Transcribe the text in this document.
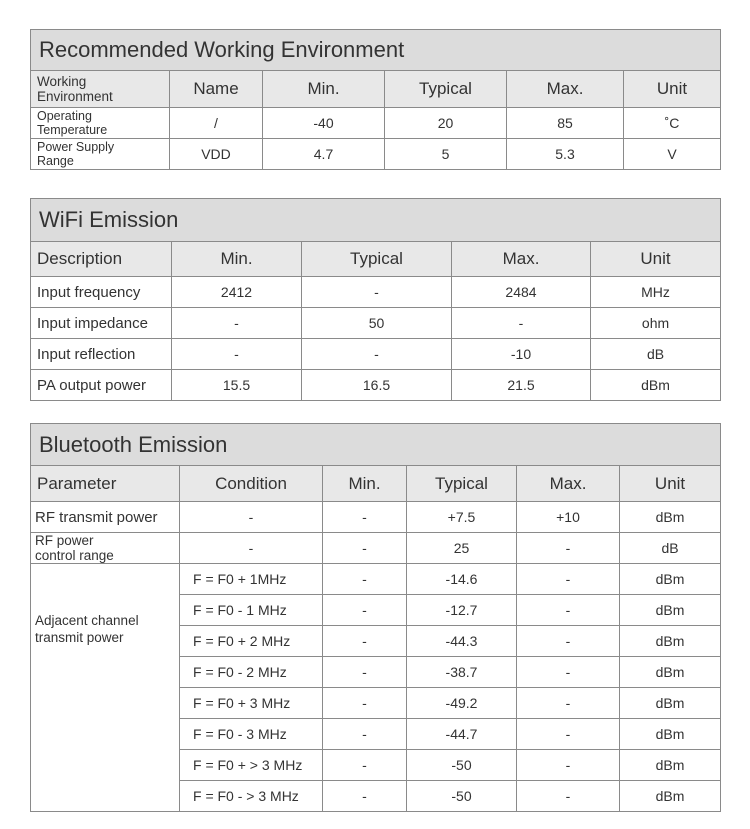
Recommended Working Environment					
Working
Environment	Name	Min.	Typical	Max.	Unit
Operating
Temperature	/	-40	20	85	˚C
Power Supply
Range	VDD	4.7	5	5.3	V
WiFi Emission				
Description	Min.	Typical	Max.	Unit
Input frequency	2412	-	2484	MHz
Input impedance	-	50	-	ohm
Input reflection	-	-	-10	dB
PA output power	15.5	16.5	21.5	dBm
Bluetooth Emission					
Parameter	Condition	Min.	Typical	Max.	Unit
RF transmit power	-	-	+7.5	+10	dBm
RF power
control range	-	-	25	-	dB
Adjacent channel
transmit power	F = F0 + 1MHz	-	-14.6	-	dBm
	F = F0 - 1 MHz	-	-12.7	-	dBm
	F = F0 + 2 MHz	-	-44.3	-	dBm
	F = F0 - 2 MHz	-	-38.7	-	dBm
	F = F0 + 3 MHz	-	-49.2	-	dBm
	F = F0 - 3 MHz	-	-44.7	-	dBm
	F = F0 + > 3 MHz	-	-50	-	dBm
	F = F0 - > 3 MHz	-	-50	-	dBm
